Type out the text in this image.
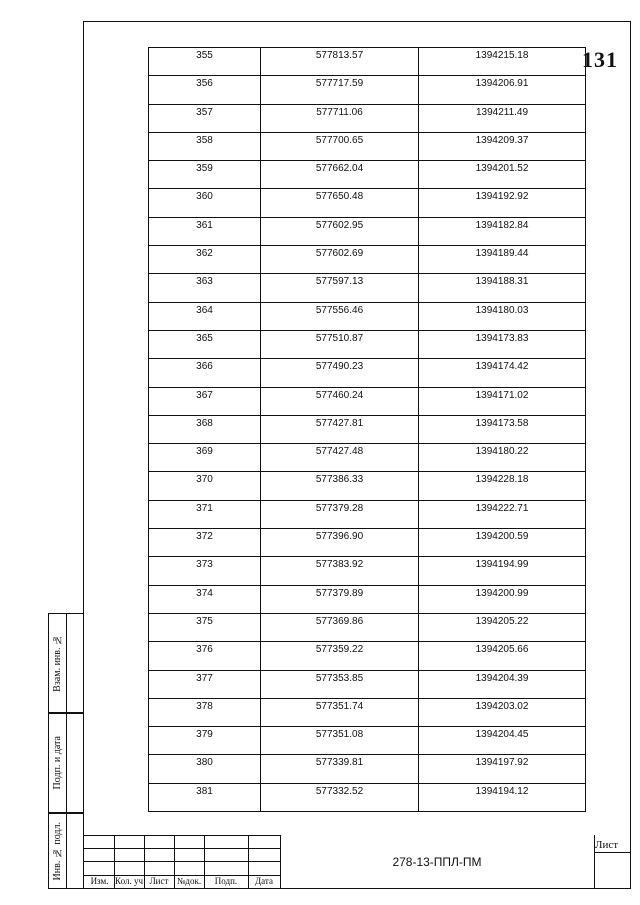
131
355	577813.57	1394215.18
356	577717.59	1394206.91
357	577711.06	1394211.49
358	577700.65	1394209.37
359	577662.04	1394201.52
360	577650.48	1394192.92
361	577602.95	1394182.84
362	577602.69	1394189.44
363	577597.13	1394188.31
364	577556.46	1394180.03
365	577510.87	1394173.83
366	577490.23	1394174.42
367	577460.24	1394171.02
368	577427.81	1394173.58
369	577427.48	1394180.22
370	577386.33	1394228.18
371	577379.28	1394222.71
372	577396.90	1394200.59
373	577383.92	1394194.99
374	577379.89	1394200.99
375	577369.86	1394205.22
376	577359.22	1394205.66
377	577353.85	1394204.39
378	577351.74	1394203.02
379	577351.08	1394204.45
380	577339.81	1394197.92
381	577332.52	1394194.12
Взам. инв. №
Подп. и дата
Инв. № подл.
Изм. Кол. уч Лист №док.	Подп.	Дата
278-13-ППЛ-ПМ
Лист
